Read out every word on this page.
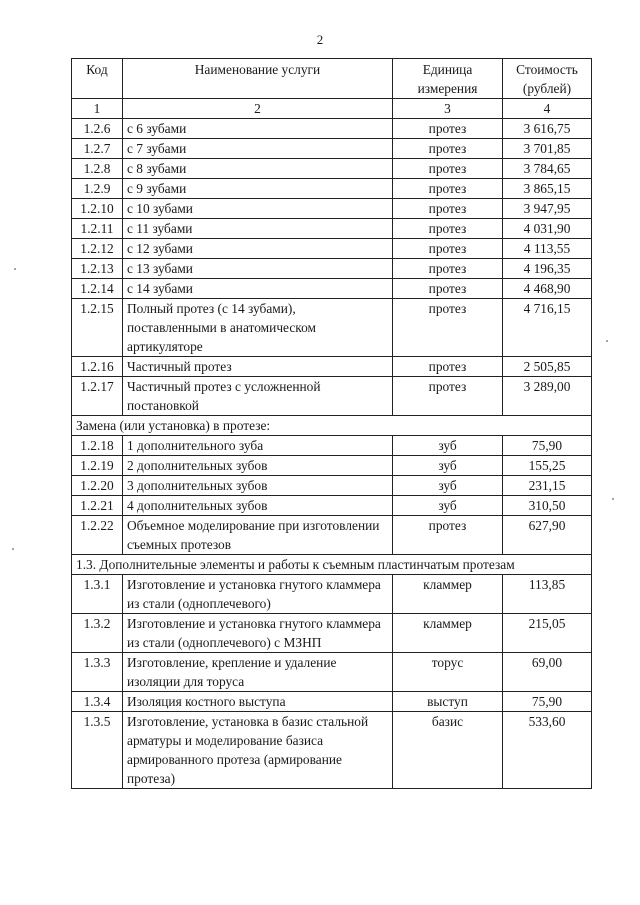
2
Код	Наименование услуги	Единица измерения	Стоимость (рублей)
1	2	3	4
1.2.6	с 6 зубами	протез	3 616,75
1.2.7	с 7 зубами	протез	3 701,85
1.2.8	с 8 зубами	протез	3 784,65
1.2.9	с 9 зубами	протез	3 865,15
1.2.10	с 10 зубами	протез	3 947,95
1.2.11	с 11 зубами	протез	4 031,90
1.2.12	с 12 зубами	протез	4 113,55
1.2.13	с 13 зубами	протез	4 196,35
1.2.14	с 14 зубами	протез	4 468,90
1.2.15	Полный протез (с 14 зубами), поставленными в анатомическом артикуляторе	протез	4 716,15
1.2.16	Частичный протез	протез	2 505,85
1.2.17	Частичный протез с усложненной постановкой	протез	3 289,00
Замена (или установка) в протезе:			
1.2.18	1 дополнительного зуба	зуб	75,90
1.2.19	2 дополнительных зубов	зуб	155,25
1.2.20	3 дополнительных зубов	зуб	231,15
1.2.21	4 дополнительных зубов	зуб	310,50
1.2.22	Объемное моделирование при изготовлении съемных протезов	протез	627,90
1.3. Дополнительные элементы и работы к съемным пластинчатым протезам			
1.3.1	Изготовление и установка гнутого кламмера из стали (одноплечевого)	кламмер	113,85
1.3.2	Изготовление и установка гнутого кламмера из стали (одноплечевого) с МЗНП	кламмер	215,05
1.3.3	Изготовление, крепление и удаление изоляции для торуса	торус	69,00
1.3.4	Изоляция костного выступа	выступ	75,90
1.3.5	Изготовление, установка в базис стальной арматуры и моделирование базиса армированного протеза (армирование протеза)	базис	533,60
